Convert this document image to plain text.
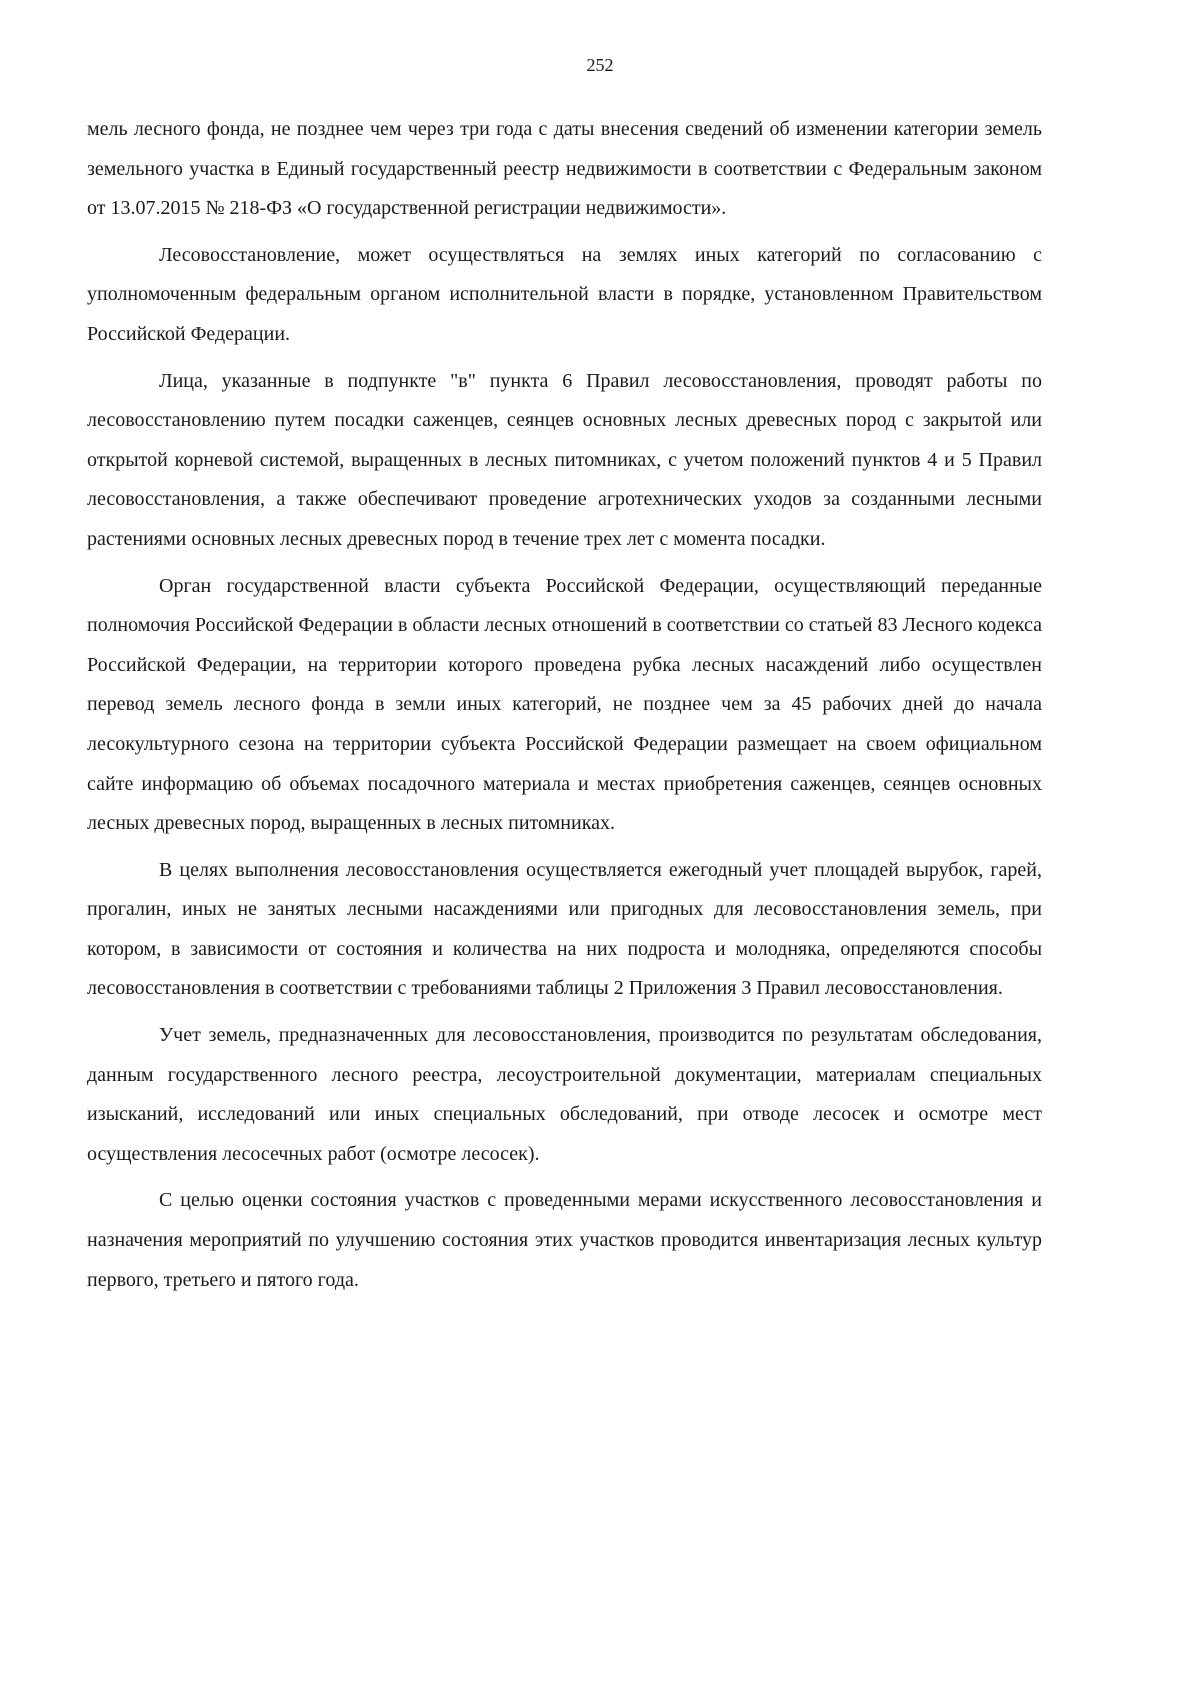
252

мель лесного фонда, не позднее чем через три года с даты внесения сведений об изменении категории земель земельного участка в Единый государственный реестр недвижимости в соответствии с Федеральным законом от 13.07.2015 № 218-ФЗ «О государственной регистрации недвижимости».

Лесовосстановление, может осуществляться на землях иных категорий по согласованию с уполномоченным федеральным органом исполнительной власти в порядке, установленном Правительством Российской Федерации.

Лица, указанные в подпункте "в" пункта 6 Правил лесовосстановления, проводят работы по лесовосстановлению путем посадки саженцев, сеянцев основных лесных древесных пород с закрытой или открытой корневой системой, выращенных в лесных питомниках, с учетом положений пунктов 4 и 5 Правил лесовосстановления, а также обеспечивают проведение агротехнических уходов за созданными лесными растениями основных лесных древесных пород в течение трех лет с момента посадки.

Орган государственной власти субъекта Российской Федерации, осуществляющий переданные полномочия Российской Федерации в области лесных отношений в соответствии со статьей 83 Лесного кодекса Российской Федерации, на территории которого проведена рубка лесных насаждений либо осуществлен перевод земель лесного фонда в земли иных категорий, не позднее чем за 45 рабочих дней до начала лесокультурного сезона на территории субъекта Российской Федерации размещает на своем официальном сайте информацию об объемах посадочного материала и местах приобретения саженцев, сеянцев основных лесных древесных пород, выращенных в лесных питомниках.

В целях выполнения лесовосстановления осуществляется ежегодный учет площадей вырубок, гарей, прогалин, иных не занятых лесными насаждениями или пригодных для лесовосстановления земель, при котором, в зависимости от состояния и количества на них подроста и молодняка, определяются способы лесовосстановления в соответствии с требованиями таблицы 2 Приложения 3 Правил лесовосстановления.

Учет земель, предназначенных для лесовосстановления, производится по результатам обследования, данным государственного лесного реестра, лесоустроительной документации, материалам специальных изысканий, исследований или иных специальных обследований, при отводе лесосек и осмотре мест осуществления лесосечных работ (осмотре лесосек).

С целью оценки состояния участков с проведенными мерами искусственного лесовосстановления и назначения мероприятий по улучшению состояния этих участков проводится инвентаризация лесных культур первого, третьего и пятого года.
